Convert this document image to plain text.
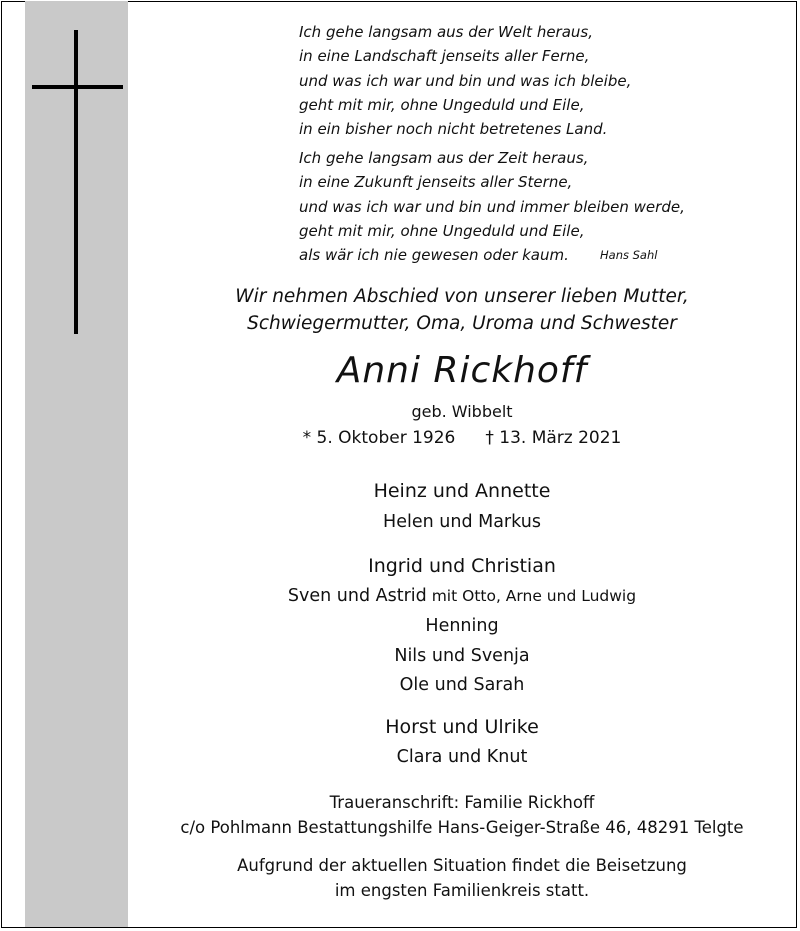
Ich gehe langsam aus der Welt heraus,
in eine Landschaft jenseits aller Ferne,
und was ich war und bin und was ich bleibe,
geht mit mir, ohne Ungeduld und Eile,
in ein bisher noch nicht betretenes Land.
Ich gehe langsam aus der Zeit heraus,
in eine Zukunft jenseits aller Sterne,
und was ich war und bin und immer bleiben werde,
geht mit mir, ohne Ungeduld und Eile,
als wär ich nie gewesen oder kaum.	Hans Sahl
Wir nehmen Abschied von unserer lieben Mutter,
Schwiegermutter, Oma, Uroma und Schwester
Anni Rickhoff
geb. Wibbelt
* 5. Oktober 1926 † 13. März 2021
Heinz und Annette
Helen und Markus
Ingrid und Christian
Sven und Astrid mit Otto, Arne und Ludwig
Henning
Nils und Svenja
Ole und Sarah
Horst und Ulrike
Clara und Knut
Traueranschrift: Familie Rickhoff
c/o Pohlmann Bestattungshilfe Hans-Geiger-Straße 46, 48291 Telgte
Aufgrund der aktuellen Situation findet die Beisetzung
im engsten Familienkreis statt.
